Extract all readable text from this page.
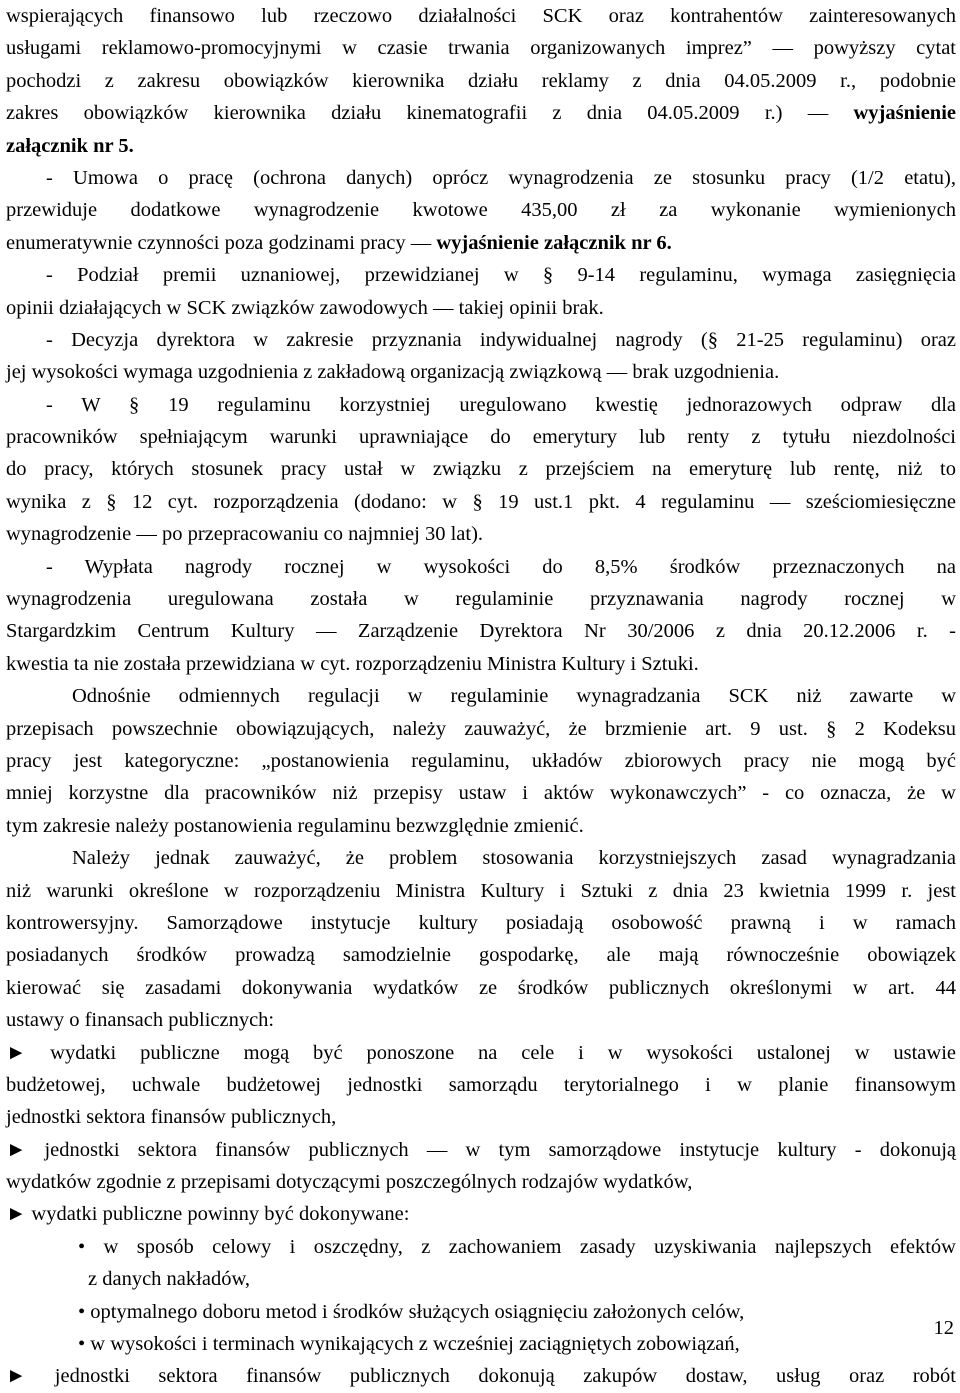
wspierających finansowo lub rzeczowo działalności SCK oraz kontrahentów zainteresowanych
usługami reklamowo-promocyjnymi w czasie trwania organizowanych imprez” — powyższy cytat
pochodzi z zakresu obowiązków kierownika działu reklamy z dnia 04.05.2009 r., podobnie
zakres obowiązków kierownika działu kinematografii z dnia 04.05.2009 r.) — wyjaśnienie
załącznik nr 5.
- Umowa o pracę (ochrona danych) oprócz wynagrodzenia ze stosunku pracy (1/2 etatu),
przewiduje dodatkowe wynagrodzenie kwotowe 435,00 zł za wykonanie wymienionych
enumeratywnie czynności poza godzinami pracy — wyjaśnienie załącznik nr 6.
- Podział premii uznaniowej, przewidzianej w § 9-14 regulaminu, wymaga zasięgnięcia
opinii działających w SCK związków zawodowych — takiej opinii brak.
- Decyzja dyrektora w zakresie przyznania indywidualnej nagrody (§ 21-25 regulaminu) oraz
jej wysokości wymaga uzgodnienia z zakładową organizacją związkową — brak uzgodnienia.
- W § 19 regulaminu korzystniej uregulowano kwestię jednorazowych odpraw dla
pracowników spełniającym warunki uprawniające do emerytury lub renty z tytułu niezdolności
do pracy, których stosunek pracy ustał w związku z przejściem na emeryturę lub rentę, niż to
wynika z § 12 cyt. rozporządzenia (dodano: w § 19 ust.1 pkt. 4 regulaminu — sześciomiesięczne
wynagrodzenie — po przepracowaniu co najmniej 30 lat).
- Wypłata nagrody rocznej w wysokości do 8,5% środków przeznaczonych na
wynagrodzenia uregulowana została w regulaminie przyznawania nagrody rocznej w
Stargardzkim Centrum Kultury — Zarządzenie Dyrektora Nr 30/2006 z dnia 20.12.2006 r. -
kwestia ta nie została przewidziana w cyt. rozporządzeniu Ministra Kultury i Sztuki.
Odnośnie odmiennych regulacji w regulaminie wynagradzania SCK niż zawarte w
przepisach powszechnie obowiązujących, należy zauważyć, że brzmienie art. 9 ust. § 2 Kodeksu
pracy jest kategoryczne: „postanowienia regulaminu, układów zbiorowych pracy nie mogą być
mniej korzystne dla pracowników niż przepisy ustaw i aktów wykonawczych” - co oznacza, że w
tym zakresie należy postanowienia regulaminu bezwzględnie zmienić.
Należy jednak zauważyć, że problem stosowania korzystniejszych zasad wynagradzania
niż warunki określone w rozporządzeniu Ministra Kultury i Sztuki z dnia 23 kwietnia 1999 r. jest
kontrowersyjny. Samorządowe instytucje kultury posiadają osobowość prawną i w ramach
posiadanych środków prowadzą samodzielnie gospodarkę, ale mają równocześnie obowiązek
kierować się zasadami dokonywania wydatków ze środków publicznych określonymi w art. 44
ustawy o finansach publicznych:
► wydatki publiczne mogą być ponoszone na cele i w wysokości ustalonej w ustawie
budżetowej, uchwale budżetowej jednostki samorządu terytorialnego i w planie finansowym
jednostki sektora finansów publicznych,
► jednostki sektora finansów publicznych — w tym samorządowe instytucje kultury - dokonują
wydatków zgodnie z przepisami dotyczącymi poszczególnych rodzajów wydatków,
► wydatki publiczne powinny być dokonywane:
• w sposób celowy i oszczędny, z zachowaniem zasady uzyskiwania najlepszych efektów
z danych nakładów,
• optymalnego doboru metod i środków służących osiągnięciu założonych celów,
• w wysokości i terminach wynikających z wcześniej zaciągniętych zobowiązań,
► jednostki sektora finansów publicznych dokonują zakupów dostaw, usług oraz robót
12
